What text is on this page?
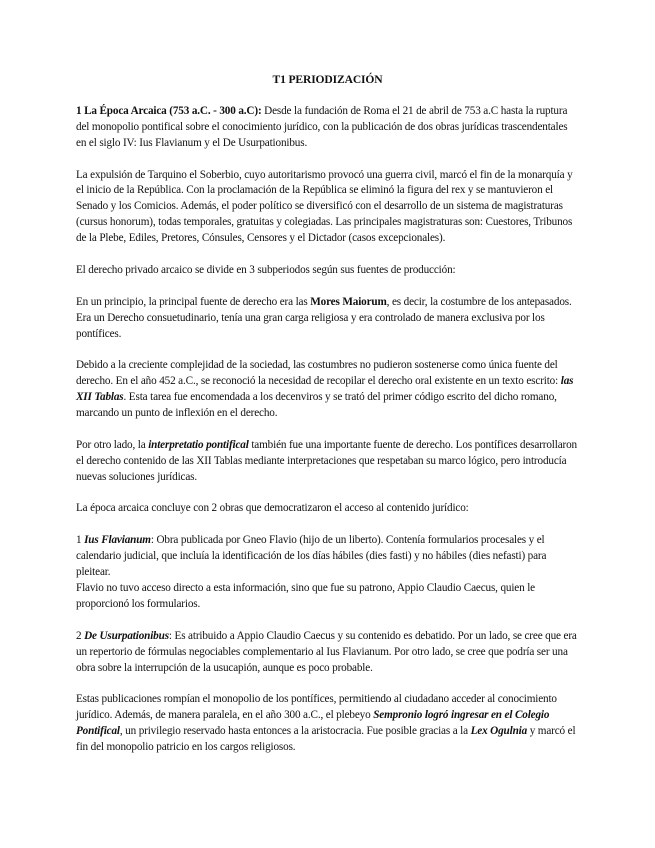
T1 PERIODIZACIÓN

1 La Época Arcaica (753 a.C. - 300 a.C): Desde la fundación de Roma el 21 de abril de 753 a.C hasta la ruptura del monopolio pontifical sobre el conocimiento jurídico, con la publicación de dos obras jurídicas trascendentales en el siglo IV: Ius Flavianum y el De Usurpationibus.

La expulsión de Tarquino el Soberbio, cuyo autoritarismo provocó una guerra civil, marcó el fin de la monarquía y el inicio de la República. Con la proclamación de la República se eliminó la figura del rex y se mantuvieron el Senado y los Comicios. Además, el poder político se diversificó con el desarrollo de un sistema de magistraturas (cursus honorum), todas temporales, gratuitas y colegiadas. Las principales magistraturas son: Cuestores, Tribunos de la Plebe, Ediles, Pretores, Cónsules, Censores y el Dictador (casos excepcionales).

El derecho privado arcaico se divide en 3 subperiodos según sus fuentes de producción:

En un principio, la principal fuente de derecho era las Mores Maiorum, es decir, la costumbre de los antepasados. Era un Derecho consuetudinario, tenía una gran carga religiosa y era controlado de manera exclusiva por los pontífices.

Debido a la creciente complejidad de la sociedad, las costumbres no pudieron sostenerse como única fuente del derecho. En el año 452 a.C., se reconoció la necesidad de recopilar el derecho oral existente en un texto escrito: las XII Tablas. Esta tarea fue encomendada a los decenviros y se trató del primer código escrito del dicho romano, marcando un punto de inflexión en el derecho.

Por otro lado, la interpretatio pontifical también fue una importante fuente de derecho. Los pontífices desarrollaron el derecho contenido de las XII Tablas mediante interpretaciones que respetaban su marco lógico, pero introducía nuevas soluciones jurídicas.

La época arcaica concluye con 2 obras que democratizaron el acceso al contenido jurídico:

1 Ius Flavianum: Obra publicada por Gneo Flavio (hijo de un liberto). Contenía formularios procesales y el calendario judicial, que incluía la identificación de los días hábiles (dies fasti) y no hábiles (dies nefasti) para pleitear.
Flavio no tuvo acceso directo a esta información, sino que fue su patrono, Appio Claudio Caecus, quien le proporcionó los formularios.

2 De Usurpationibus: Es atribuido a Appio Claudio Caecus y su contenido es debatido. Por un lado, se cree que era un repertorio de fórmulas negociables complementario al Ius Flavianum. Por otro lado, se cree que podría ser una obra sobre la interrupción de la usucapión, aunque es poco probable.

Estas publicaciones rompían el monopolio de los pontífices, permitiendo al ciudadano acceder al conocimiento jurídico. Además, de manera paralela, en el año 300 a.C., el plebeyo Sempronio logró ingresar en el Colegio Pontifical, un privilegio reservado hasta entonces a la aristocracia. Fue posible gracias a la Lex Ogulnia y marcó el fin del monopolio patricio en los cargos religiosos.
